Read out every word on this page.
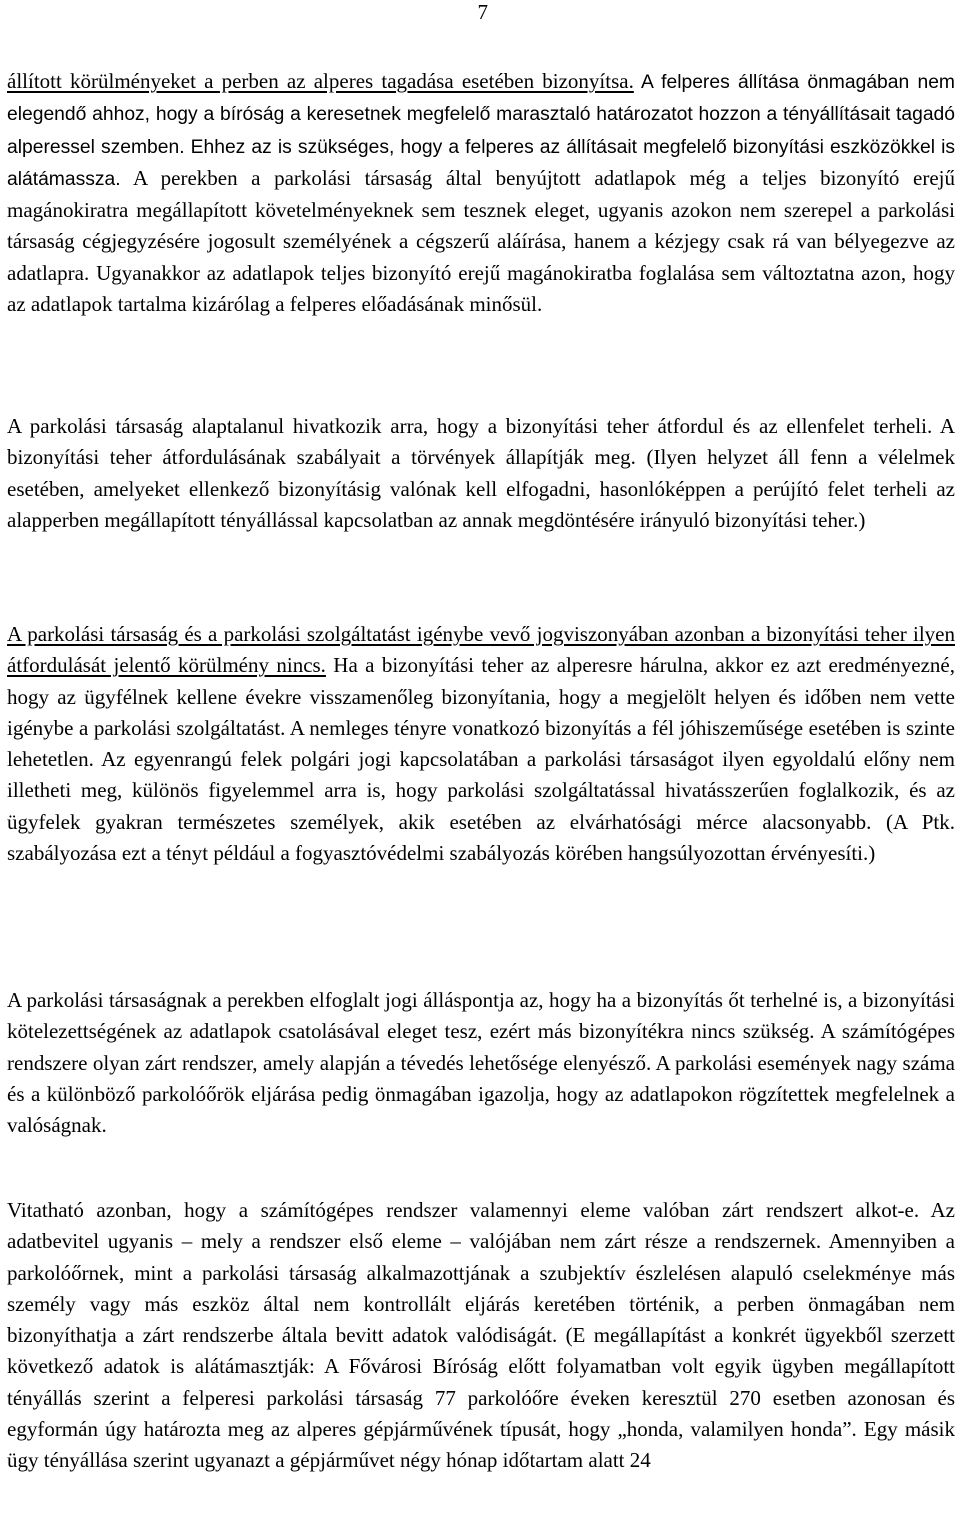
7

állított körülményeket a perben az alperes tagadása esetében bizonyítsa. A felperes állítása önmagában nem elegendő ahhoz, hogy a bíróság a keresetnek megfelelő marasztaló határozatot hozzon a tényállításait tagadó alperessel szemben. Ehhez az is szükséges, hogy a felperes az állításait megfelelő bizonyítási eszközökkel is alátámassza. A perekben a parkolási társaság által benyújtott adatlapok még a teljes bizonyító erejű magánokiratra megállapított követelményeknek sem tesznek eleget, ugyanis azokon nem szerepel a parkolási társaság cégjegyzésére jogosult személyének a cégszerű aláírása, hanem a kézjegy csak rá van bélyegezve az adatlapra. Ugyanakkor az adatlapok teljes bizonyító erejű magánokiratba foglalása sem változtatna azon, hogy az adatlapok tartalma kizárólag a felperes előadásának minősül.

A parkolási társaság alaptalanul hivatkozik arra, hogy a bizonyítási teher átfordul és az ellenfelet terheli. A bizonyítási teher átfordulásának szabályait a törvények állapítják meg. (Ilyen helyzet áll fenn a vélelmek esetében, amelyeket ellenkező bizonyításig valónak kell elfogadni, hasonlóképpen a perújító felet terheli az alapperben megállapított tényállással kapcsolatban az annak megdöntésére irányuló bizonyítási teher.)

A parkolási társaság és a parkolási szolgáltatást igénybe vevő jogviszonyában azonban a bizonyítási teher ilyen átfordulását jelentő körülmény nincs. Ha a bizonyítási teher az alperesre hárulna, akkor ez azt eredményezné, hogy az ügyfélnek kellene évekre visszamenőleg bizonyítania, hogy a megjelölt helyen és időben nem vette igénybe a parkolási szolgáltatást. A nemleges tényre vonatkozó bizonyítás a fél jóhiszeműsége esetében is szinte lehetetlen. Az egyenrangú felek polgári jogi kapcsolatában a parkolási társaságot ilyen egyoldalú előny nem illetheti meg, különös figyelemmel arra is, hogy parkolási szolgáltatással hivatásszerűen foglalkozik, és az ügyfelek gyakran természetes személyek, akik esetében az elvárhatósági mérce alacsonyabb. (A Ptk. szabályozása ezt a tényt például a fogyasztóvédelmi szabályozás körében hangsúlyozottan érvényesíti.)

A parkolási társaságnak a perekben elfoglalt jogi álláspontja az, hogy ha a bizonyítás őt terhelné is, a bizonyítási kötelezettségének az adatlapok csatolásával eleget tesz, ezért más bizonyítékra nincs szükség. A számítógépes rendszere olyan zárt rendszer, amely alapján a tévedés lehetősége elenyésző. A parkolási események nagy száma és a különböző parkolóőrök eljárása pedig önmagában igazolja, hogy az adatlapokon rögzítettek megfelelnek a valóságnak.

Vitatható azonban, hogy a számítógépes rendszer valamennyi eleme valóban zárt rendszert alkot-e. Az adatbevitel ugyanis – mely a rendszer első eleme – valójában nem zárt része a rendszernek. Amennyiben a parkolóőrnek, mint a parkolási társaság alkalmazottjának a szubjektív észlelésen alapuló cselekménye más személy vagy más eszköz által nem kontrollált eljárás keretében történik, a perben önmagában nem bizonyíthatja a zárt rendszerbe általa bevitt adatok valódiságát. (E megállapítást a konkrét ügyekből szerzett következő adatok is alátámasztják: A Fővárosi Bíróság előtt folyamatban volt egyik ügyben megállapított tényállás szerint a felperesi parkolási társaság 77 parkolóőre éveken keresztül 270 esetben azonosan és egyformán úgy határozta meg az alperes gépjárművének típusát, hogy „honda, valamilyen honda”. Egy másik ügy tényállása szerint ugyanazt a gépjárművet négy hónap időtartam alatt 24
